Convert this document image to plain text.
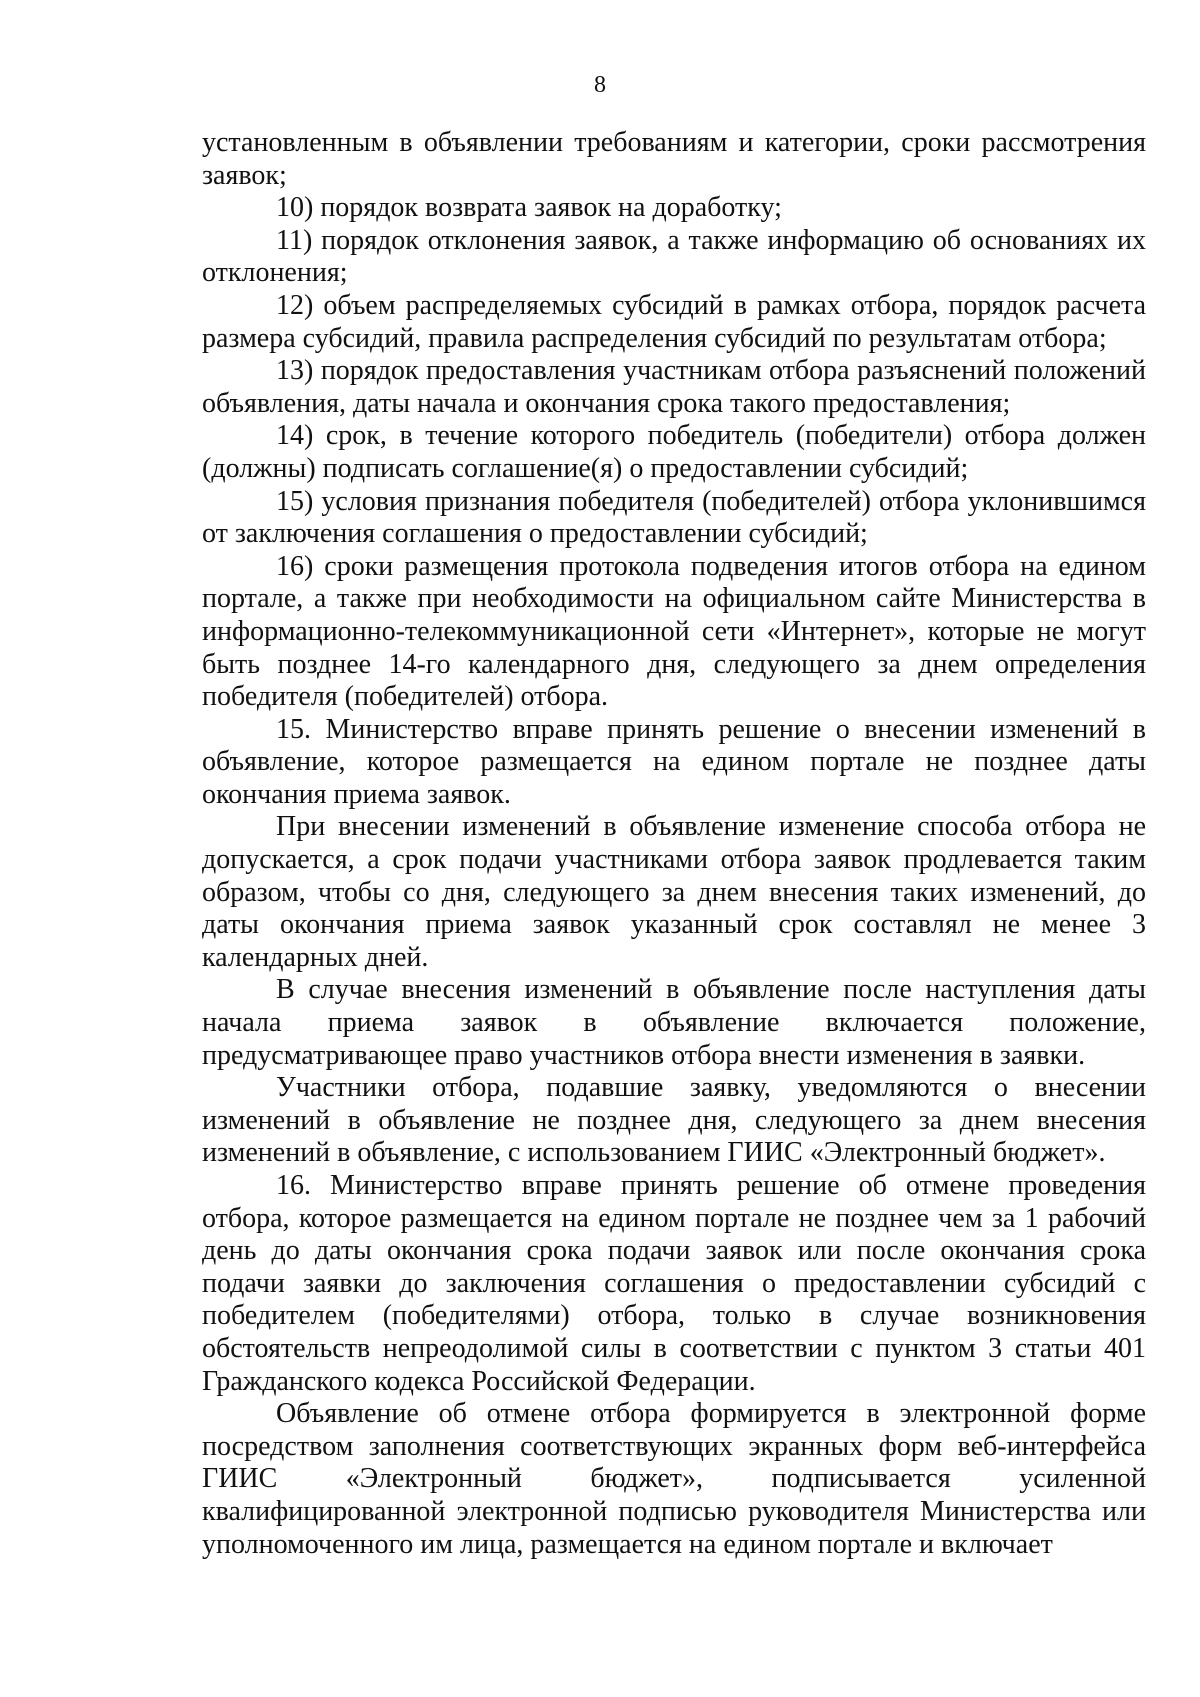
8

установленным в объявлении требованиям и категории, сроки рассмотрения заявок;

10) порядок возврата заявок на доработку;

11) порядок отклонения заявок, а также информацию об основаниях их отклонения;

12) объем распределяемых субсидий в рамках отбора, порядок расчета размера субсидий, правила распределения субсидий по результатам отбора;

13) порядок предоставления участникам отбора разъяснений положений объявления, даты начала и окончания срока такого предоставления;

14) срок, в течение которого победитель (победители) отбора должен (должны) подписать соглашение(я) о предоставлении субсидий;

15) условия признания победителя (победителей) отбора уклонившимся от заключения соглашения о предоставлении субсидий;

16) сроки размещения протокола подведения итогов отбора на едином портале, а также при необходимости на официальном сайте Министерства в информационно-телекоммуникационной сети «Интернет», которые не могут быть позднее 14-го календарного дня, следующего за днем определения победителя (победителей) отбора.

15. Министерство вправе принять решение о внесении изменений в объявление, которое размещается на едином портале не позднее даты окончания приема заявок.

При внесении изменений в объявление изменение способа отбора не допускается, а срок подачи участниками отбора заявок продлевается таким образом, чтобы со дня, следующего за днем внесения таких изменений, до даты окончания приема заявок указанный срок составлял не менее 3 календарных дней.

В случае внесения изменений в объявление после наступления даты начала приема заявок в объявление включается положение, предусматривающее право участников отбора внести изменения в заявки.

Участники отбора, подавшие заявку, уведомляются о внесении изменений в объявление не позднее дня, следующего за днем внесения изменений в объявление, с использованием ГИИС «Электронный бюджет».

16. Министерство вправе принять решение об отмене проведения отбора, которое размещается на едином портале не позднее чем за 1 рабочий день до даты окончания срока подачи заявок или после окончания срока подачи заявки до заключения соглашения о предоставлении субсидий с победителем (победителями) отбора, только в случае возникновения обстоятельств непреодолимой силы в соответствии с пунктом 3 статьи 401 Гражданского кодекса Российской Федерации.

Объявление об отмене отбора формируется в электронной форме посредством заполнения соответствующих экранных форм веб-интерфейса ГИИС «Электронный бюджет», подписывается усиленной квалифицированной электронной подписью руководителя Министерства или уполномоченного им лица, размещается на едином портале и включает
